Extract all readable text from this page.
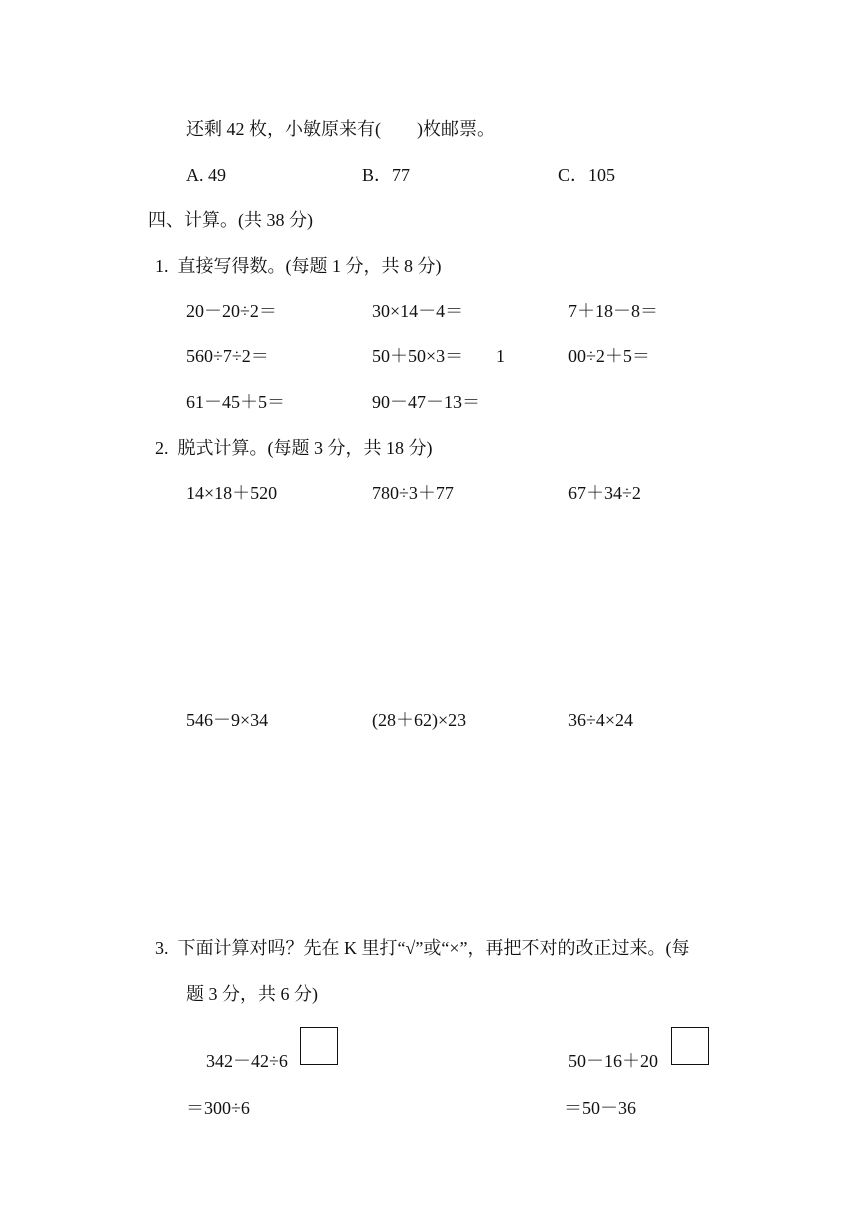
还剩 42 枚，小敏原来有(　　)枚邮票。
A. 49	B．77	C．105
四、计算。(共 38 分)
1.  直接写得数。(每题 1 分，共 8 分)
20－20÷2＝	30×14－4＝	7＋18－8＝
560÷7÷2＝	50＋50×3＝ 1	00÷2＋5＝
61－45＋5＝	90－47－13＝
2.  脱式计算。(每题 3 分，共 18 分)
14×18＋520	780÷3＋77	67＋34÷2
546－9×34	(28＋62)×23	36÷4×24
3.  下面计算对吗？先在 K 里打“√”或“×”，再把不对的改正过来。(每
题 3 分，共 6 分)
342－42÷6
＝300÷6
50－16＋20
＝50－36
